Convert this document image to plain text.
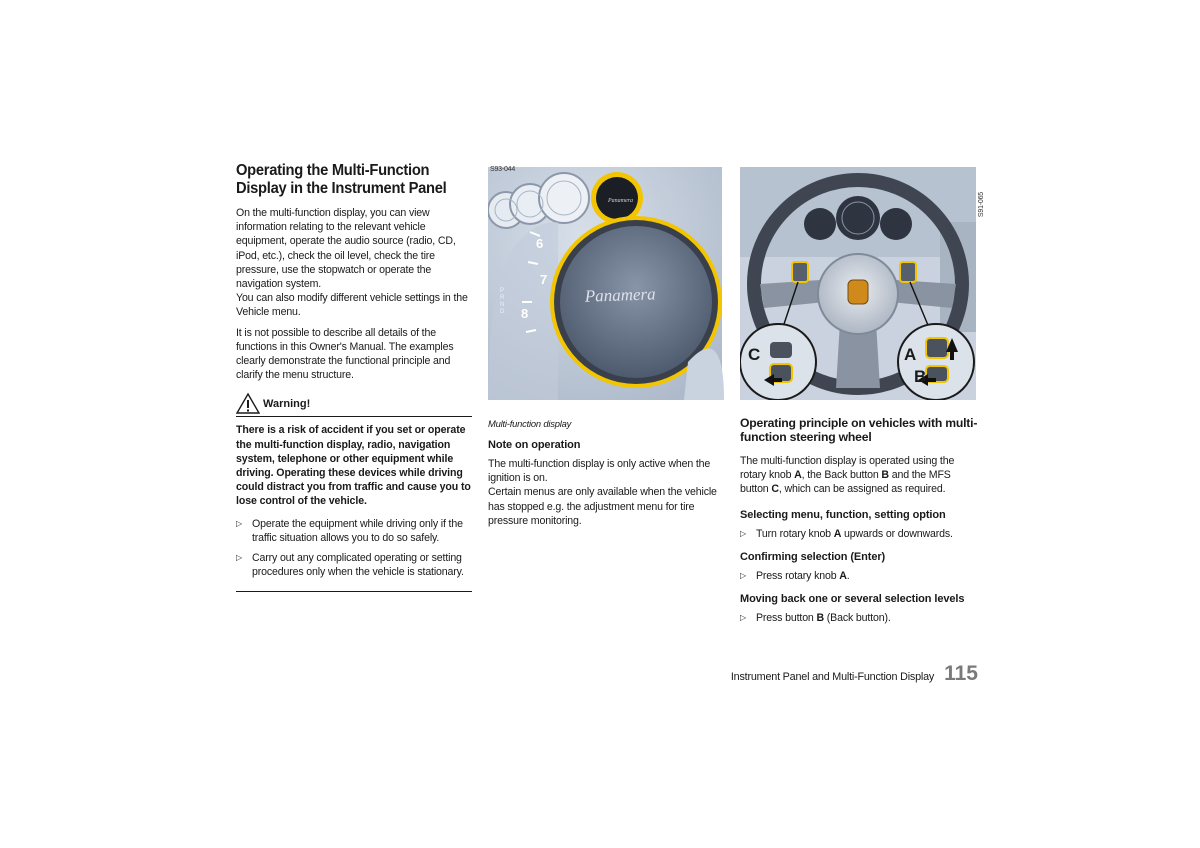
Operating the Multi-Function
Display in the Instrument Panel

On the multi-function display, you can view information relating to the relevant vehicle equipment, operate the audio source (radio, CD, iPod, etc.), check the oil level, check the tire pressure, use the stopwatch or operate the navigation system.

You can also modify different vehicle settings in the Vehicle menu.

It is not possible to describe all details of the functions in this Owner's Manual. The examples clearly demonstrate the functional principle and clarify the menu structure.

Warning!

There is a risk of accident if you set or operate the multi-function display, radio, navigation system, telephone or other equipment while driving. Operating these devices while driving could distract you from traffic and cause you to lose control of the vehicle.

▷ Operate the equipment while driving only if the traffic situation allows you to do so safely.
▷ Carry out any complicated operating or setting procedures only when the vehicle is stationary.
Panamera
Panamera
6
7
8
P
R
N
D
S93-044
Multi-function display
Note on operation

The multi-function display is only active when the ignition is on.

Certain menus are only available when the vehicle has stopped e.g. the adjustment menu for tire pressure monitoring.

C	A
B
S91-065
Operating principle on vehicles with multi-function steering wheel

The multi-function display is operated using the rotary knob A, the Back button B and the MFS button C, which can be assigned as required.

Selecting menu, function, setting option
▷ Turn rotary knob A upwards or downwards.
Confirming selection (Enter)
▷ Press rotary knob A.
Moving back one or several selection levels
▷ Press button B (Back button).
Instrument Panel and Multi-Function Display 115
